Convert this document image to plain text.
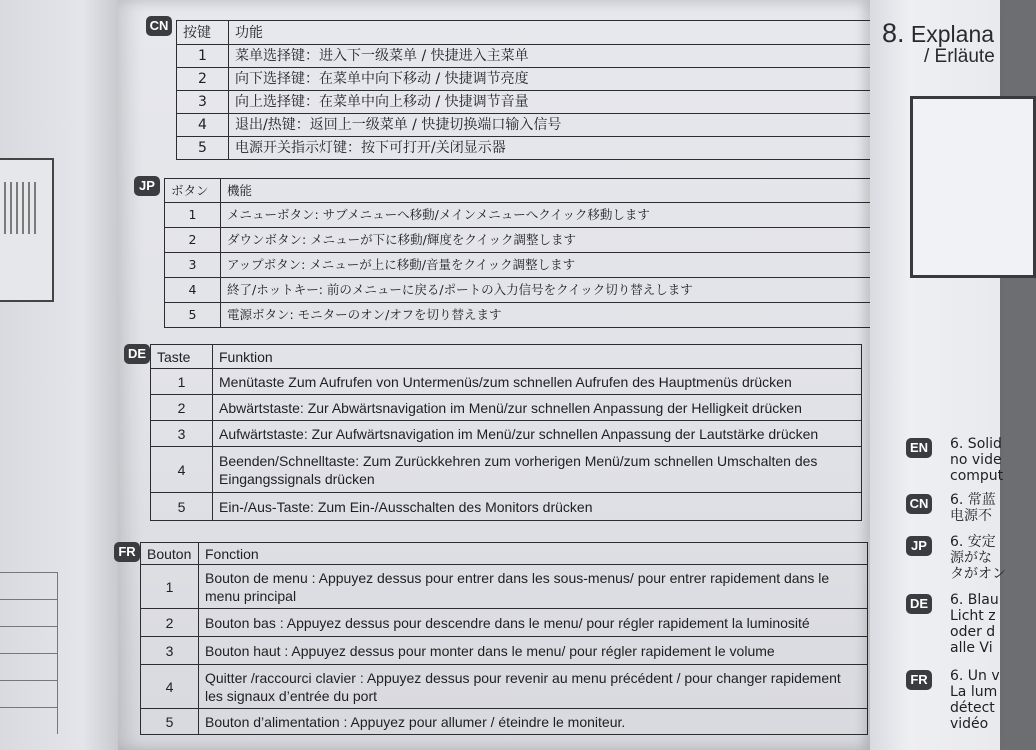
CN 按键	功能
1	菜单选择键：进入下一级菜单 / 快捷进入主菜单
2	向下选择键：在菜单中向下移动 / 快捷调节亮度
3	向上选择键：在菜单中向上移动 / 快捷调节音量
4	退出/热键：返回上一级菜单 / 快捷切换端口输入信号
5	电源开关指示灯键：按下可打开/关闭显示器
JP	ボタン	機能
1	メニューボタン: サブメニューへ移動/メインメニューへクイック移動します
2	ダウンボタン: メニューが下に移動/輝度をクイック調整します
3	アップボタン: メニューが上に移動/音量をクイック調整します
4	終了/ホットキー: 前のメニューに戻る/ポートの入力信号をクイック切り替えします
5	電源ボタン: モニターのオン/オフを切り替えます
DE Taste	Funktion
1	Menütaste Zum Aufrufen von Untermenüs/zum schnellen Aufrufen des Hauptmenüs drücken
2	Abwärtstaste: Zur Abwärtsnavigation im Menü/zur schnellen Anpassung der Helligkeit drücken
3	Aufwärtstaste: Zur Aufwärtsnavigation im Menü/zur schnellen Anpassung der Lautstärke drücken
4	Beenden/Schnelltaste: Zum Zurückkehren zum vorherigen Menü/zum schnellen Umschalten des Eingangssignals drücken
5	Ein-/Aus-Taste: Zum Ein-/Ausschalten des Monitors drücken
FR Bouton	Fonction
1	Bouton de menu : Appuyez dessus pour entrer dans les sous-menus/ pour entrer rapidement dans le menu principal
2	Bouton bas : Appuyez dessus pour descendre dans le menu/ pour régler rapidement la luminosité
3	Bouton haut : Appuyez dessus pour monter dans le menu/ pour régler rapidement le volume
4	Quitter /raccourci clavier : Appuyez dessus pour revenir au menu précédent / pour changer rapidement les signaux d’entrée du port
5	Bouton d’alimentation : Appuyez pour allumer / éteindre le moniteur.
8. Explana
/ Erläute
EN 6. Solid
no vide
comput
CN 6. 常蓝
电源不
JP	6. 安定
源がな
タがオン
DE 6. Blau
Licht z
oder d
alle Vi
FR	6. Un v
La lum
détect
vidéo
